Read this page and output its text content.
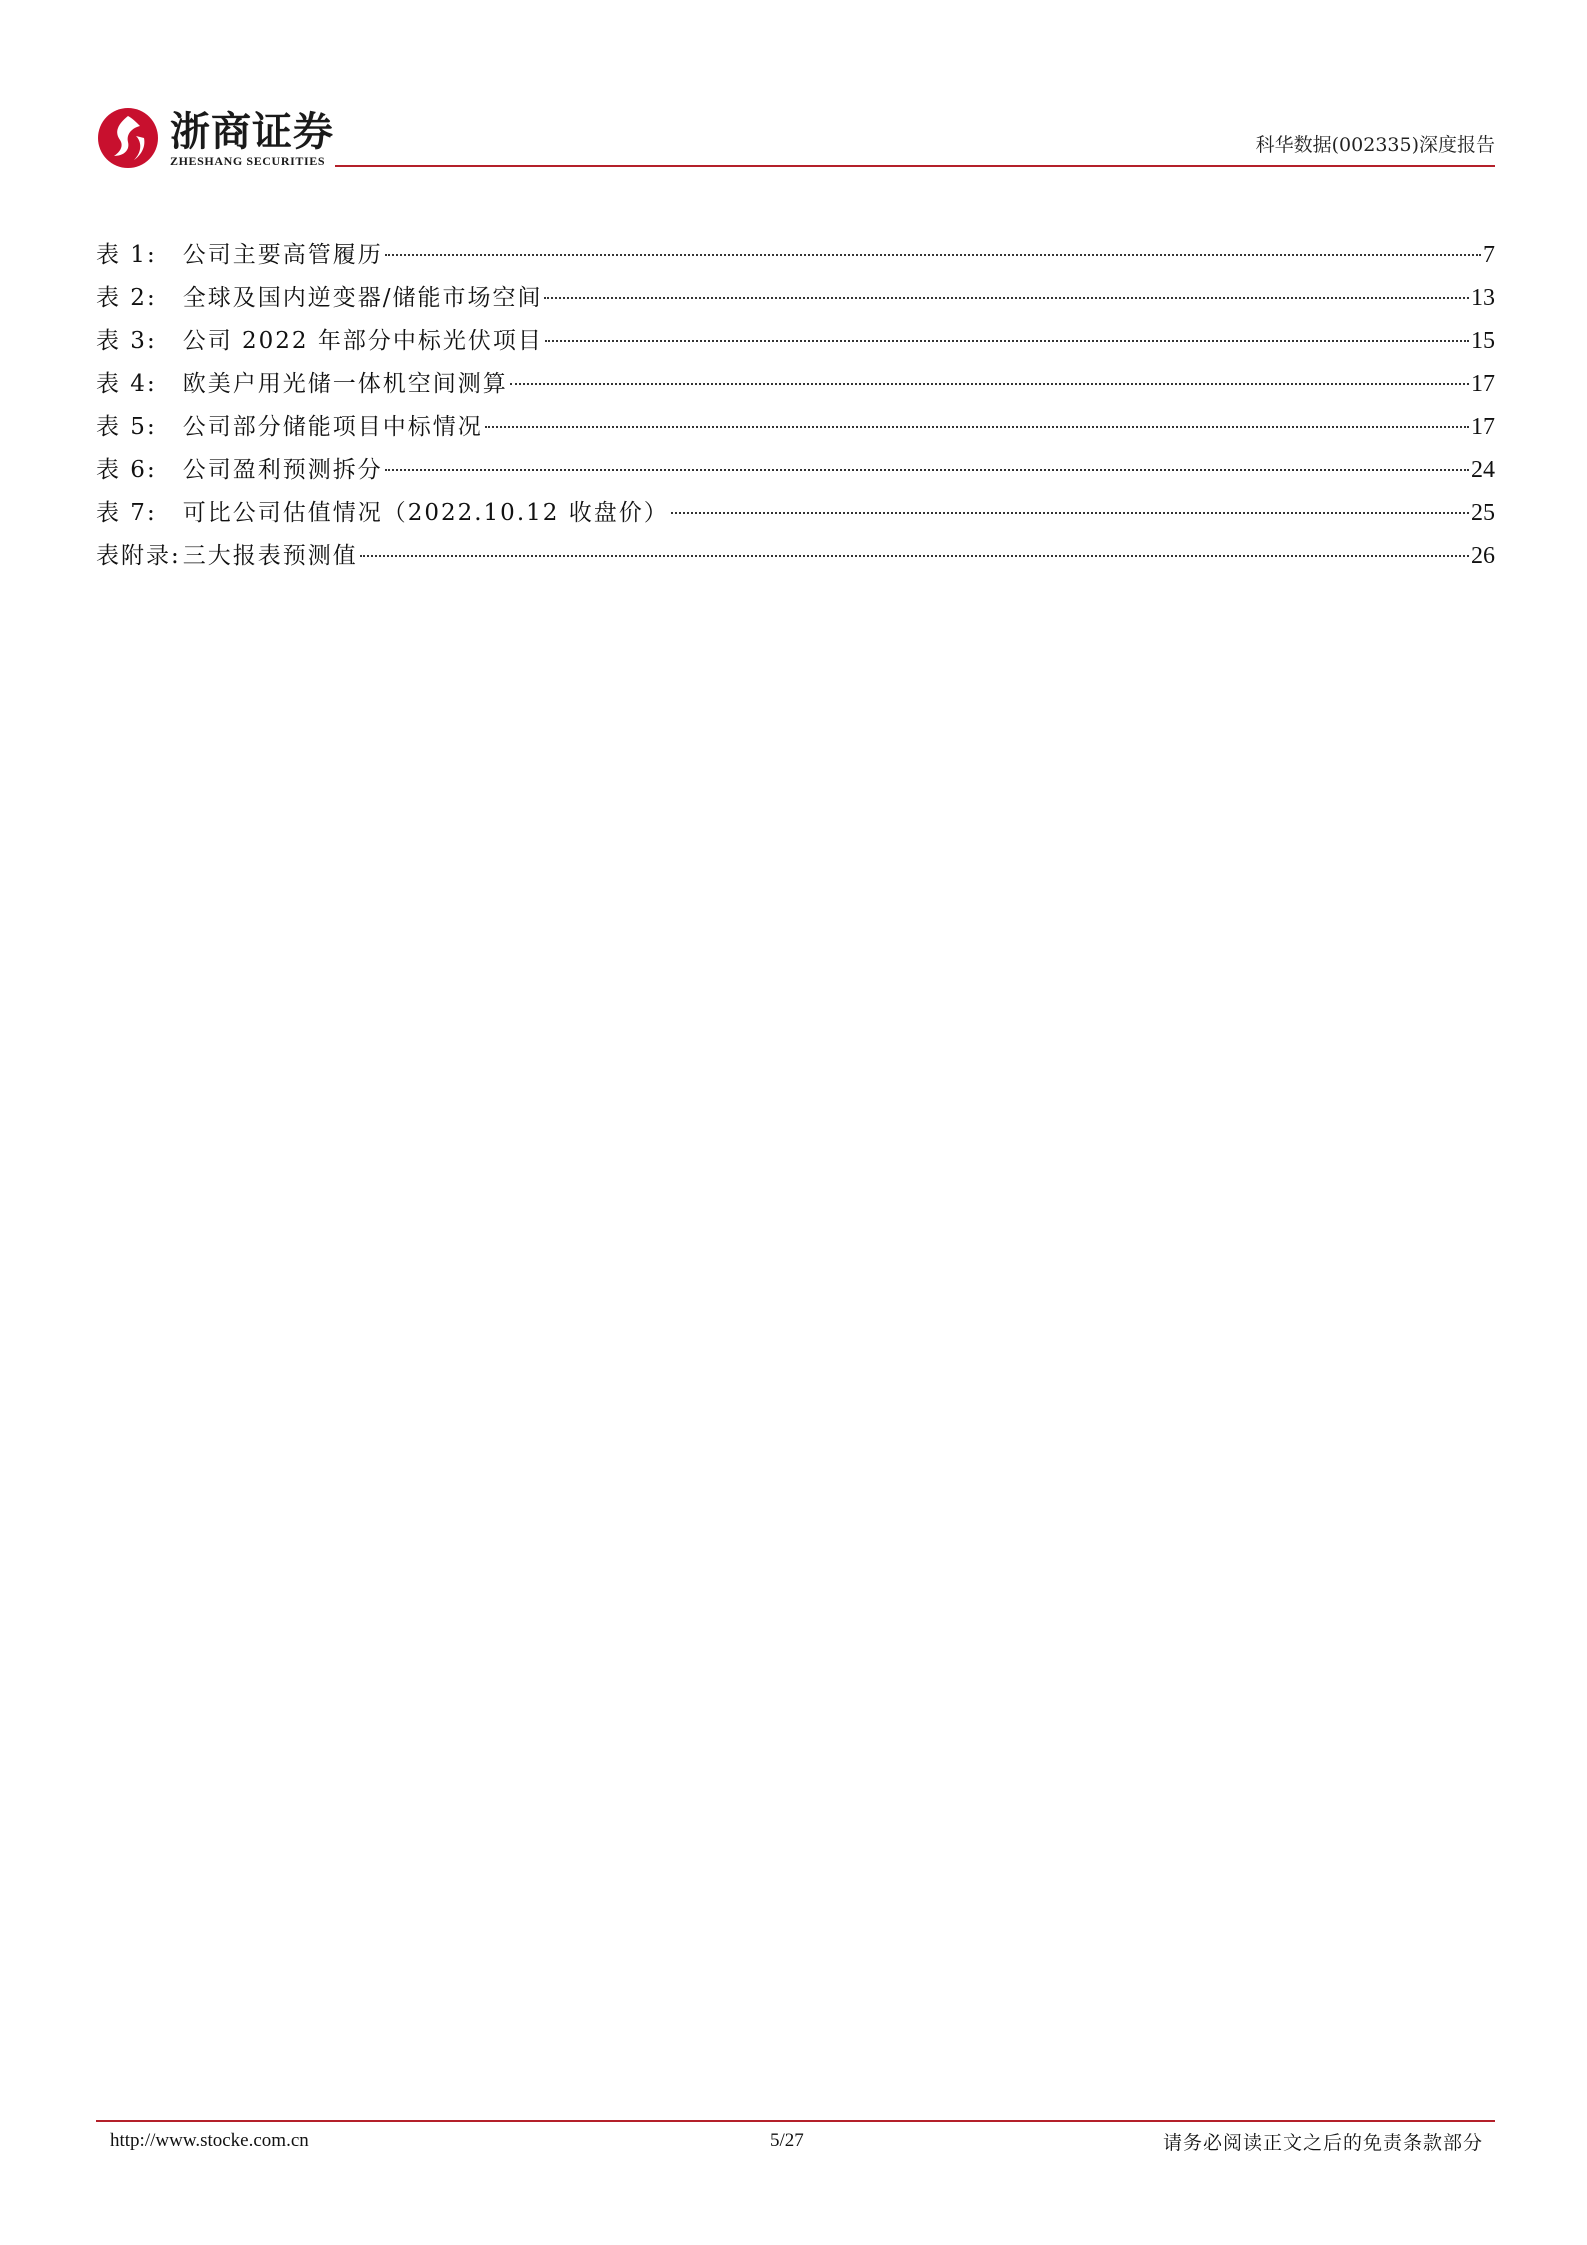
浙商证券
ZHESHANG SECURITIES
科华数据(002335)深度报告
表 1: 公司主要高管履历	7
表 2: 全球及国内逆变器/储能市场空间	13
表 3: 公司 2022 年部分中标光伏项目	15
表 4: 欧美户用光储一体机空间测算	17
表 5: 公司部分储能项目中标情况	17
表 6: 公司盈利预测拆分	24
表 7: 可比公司估值情况（2022.10.12 收盘价）	25
表附录: 三大报表预测值	26
http://www.stocke.com.cn	5/27	请务必阅读正文之后的免责条款部分
